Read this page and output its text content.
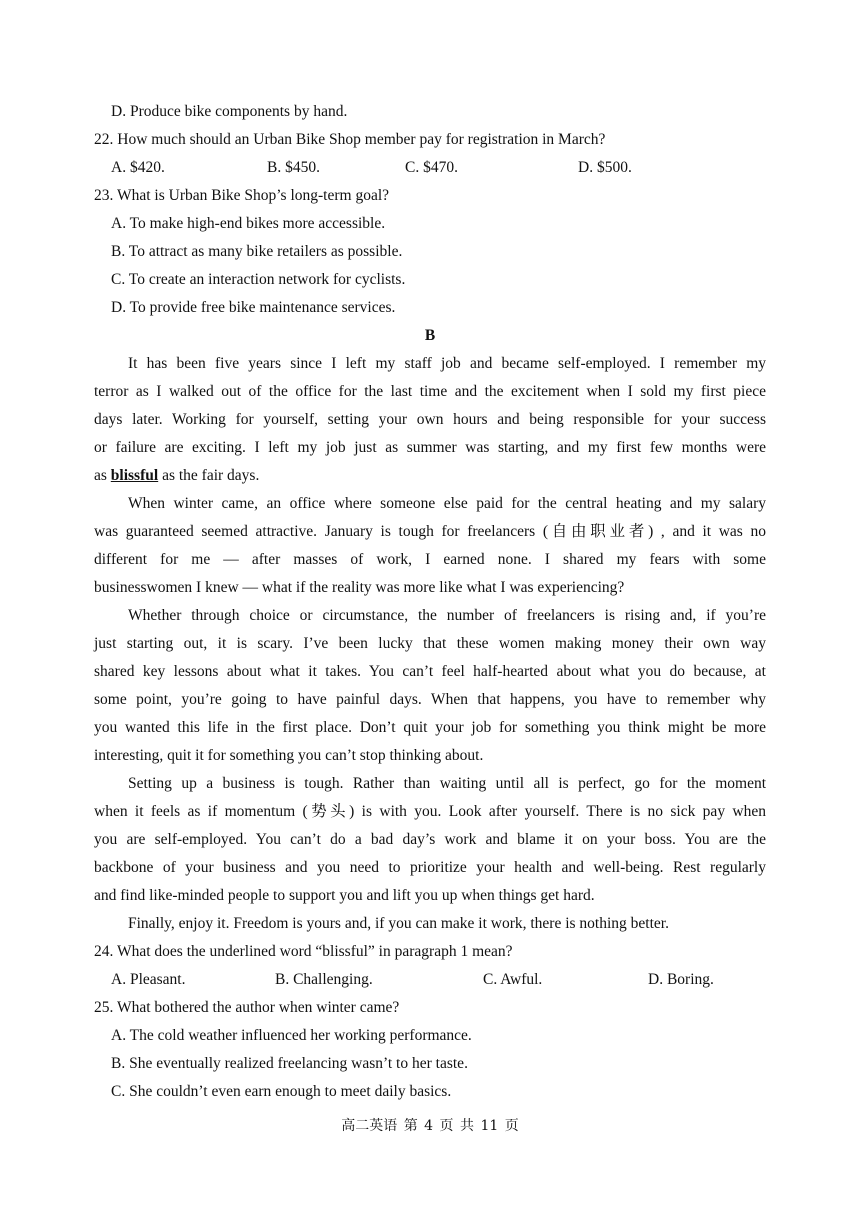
D. Produce bike components by hand.
22. How much should an Urban Bike Shop member pay for registration in March?
A. $420.	B. $450.	C. $470.	D. $500.
23. What is Urban Bike Shop’s long-term goal?
A. To make high-end bikes more accessible.
B. To attract as many bike retailers as possible.
C. To create an interaction network for cyclists.
D. To provide free bike maintenance services.
B
It has been five years since I left my staff job and became self-employed. I remember my
terror as I walked out of the office for the last time and the excitement when I sold my first piece
days later. Working for yourself, setting your own hours and being responsible for your success
or failure are exciting. I left my job just as summer was starting, and my first few months were
as blissful as the fair days.
When winter came, an office where someone else paid for the central heating and my salary
was guaranteed seemed attractive. January is tough for freelancers (自由职业者) , and it was no
different for me — after masses of work, I earned none. I shared my fears with some
businesswomen I knew — what if the reality was more like what I was experiencing?
Whether through choice or circumstance, the number of freelancers is rising and, if you’re
just starting out, it is scary. I’ve been lucky that these women making money their own way
shared key lessons about what it takes. You can’t feel half-hearted about what you do because, at
some point, you’re going to have painful days. When that happens, you have to remember why
you wanted this life in the first place. Don’t quit your job for something you think might be more
interesting, quit it for something you can’t stop thinking about.
Setting up a business is tough. Rather than waiting until all is perfect, go for the moment
when it feels as if momentum (势头) is with you. Look after yourself. There is no sick pay when
you are self-employed. You can’t do a bad day’s work and blame it on your boss. You are the
backbone of your business and you need to prioritize your health and well-being. Rest regularly
and find like-minded people to support you and lift you up when things get hard.
Finally, enjoy it. Freedom is yours and, if you can make it work, there is nothing better.
24. What does the underlined word “blissful” in paragraph 1 mean?
A. Pleasant.	B. Challenging.	C. Awful.	D. Boring.
25. What bothered the author when winter came?
A. The cold weather influenced her working performance.
B. She eventually realized freelancing wasn’t to her taste.
C. She couldn’t even earn enough to meet daily basics.
高二英语 第 4 页 共 11 页
